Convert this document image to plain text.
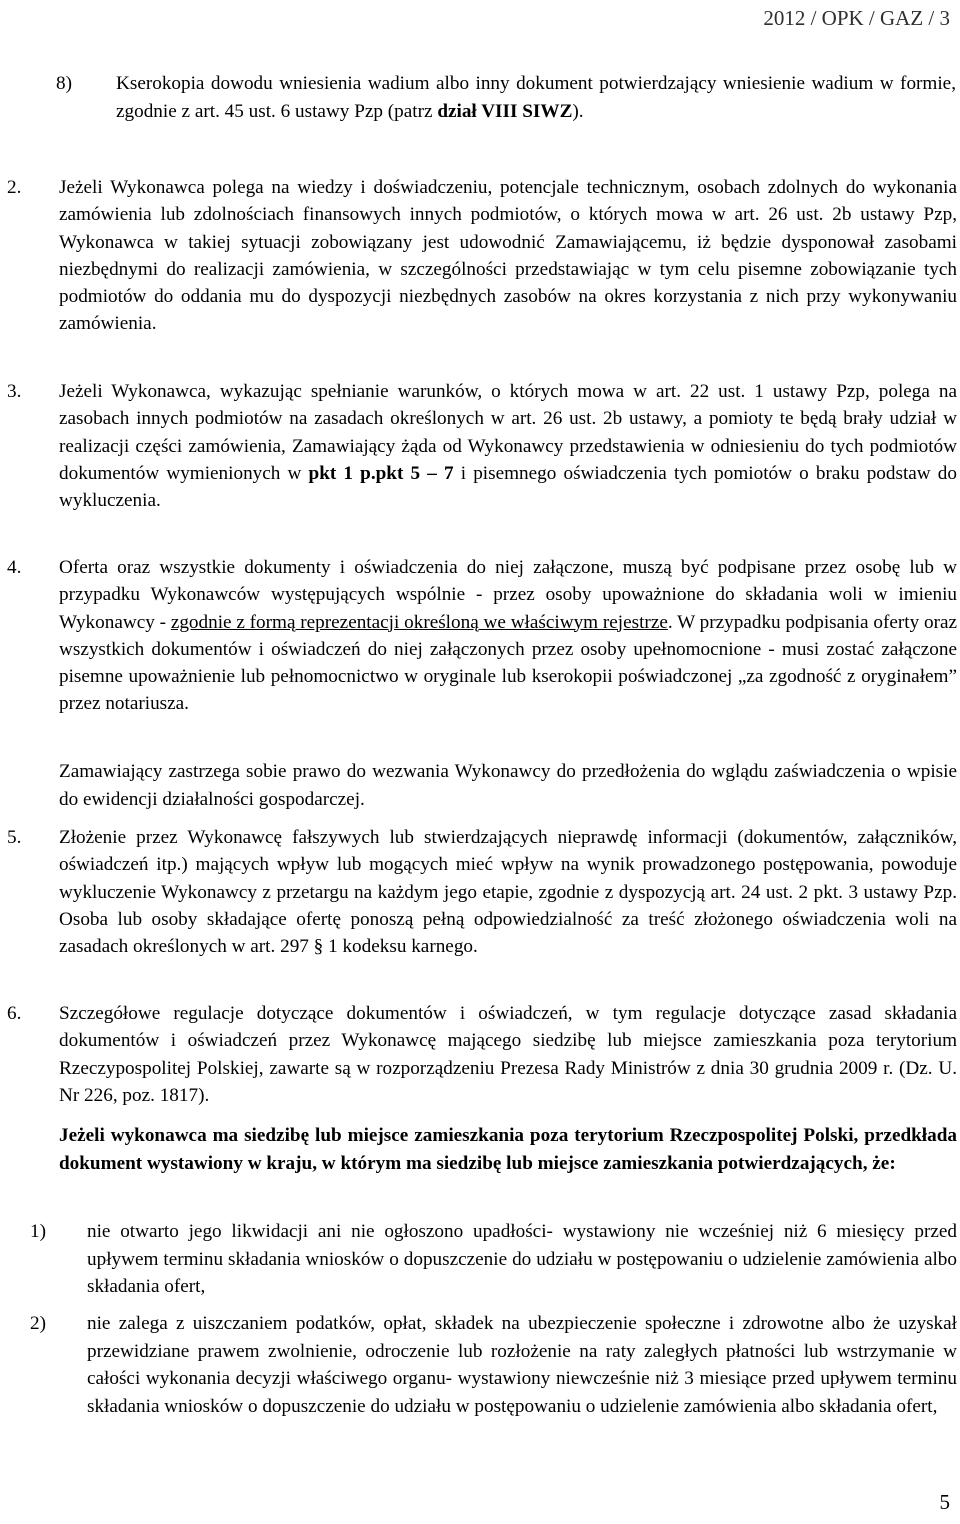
2012 / OPK / GAZ / 3
8)	Kserokopia dowodu wniesienia wadium albo inny dokument potwierdzający wniesienie wadium w formie, zgodnie z art. 45 ust. 6 ustawy Pzp (patrz dział VIII SIWZ).
2.	Jeżeli Wykonawca polega na wiedzy i doświadczeniu, potencjale technicznym, osobach zdolnych do wykonania zamówienia lub zdolnościach finansowych innych podmiotów, o których mowa w art. 26 ust. 2b ustawy Pzp, Wykonawca w takiej sytuacji zobowiązany jest udowodnić Zamawiającemu, iż będzie dysponował zasobami niezbędnymi do realizacji zamówienia, w szczególności przedstawiając w tym celu pisemne zobowiązanie tych podmiotów do oddania mu do dyspozycji niezbędnych zasobów na okres korzystania z nich przy wykonywaniu zamówienia.
3.	Jeżeli Wykonawca, wykazując spełnianie warunków, o których mowa w art. 22 ust. 1 ustawy Pzp, polega na zasobach innych podmiotów na zasadach określonych w art. 26 ust. 2b ustawy, a pomioty te będą brały udział w realizacji części zamówienia, Zamawiający żąda od Wykonawcy przedstawienia w odniesieniu do tych podmiotów dokumentów wymienionych w pkt 1 p.pkt 5 – 7 i pisemnego oświadczenia tych pomiotów o braku podstaw do wykluczenia.
4.	Oferta oraz wszystkie dokumenty i oświadczenia do niej załączone, muszą być podpisane przez osobę lub w przypadku Wykonawców występujących wspólnie - przez osoby upoważnione do składania woli w imieniu Wykonawcy - zgodnie z formą reprezentacji określoną we właściwym rejestrze. W przypadku podpisania oferty oraz wszystkich dokumentów i oświadczeń do niej załączonych przez osoby upełnomocnione - musi zostać załączone pisemne upoważnienie lub pełnomocnictwo w oryginale lub kserokopii poświadczonej „za zgodność z oryginałem” przez notariusza.
Zamawiający zastrzega sobie prawo do wezwania Wykonawcy do przedłożenia do wglądu zaświadczenia o wpisie do ewidencji działalności gospodarczej.
5.	Złożenie przez Wykonawcę fałszywych lub stwierdzających nieprawdę informacji (dokumentów, załączników, oświadczeń itp.) mających wpływ lub mogących mieć wpływ na wynik prowadzonego postępowania, powoduje wykluczenie Wykonawcy z przetargu na każdym jego etapie, zgodnie z dyspozycją art. 24 ust. 2 pkt. 3 ustawy Pzp. Osoba lub osoby składające ofertę ponoszą pełną odpowiedzialność za treść złożonego oświadczenia woli na zasadach określonych w art. 297 § 1 kodeksu karnego.
6.	Szczegółowe regulacje dotyczące dokumentów i oświadczeń, w tym regulacje dotyczące zasad składania dokumentów i oświadczeń przez Wykonawcę mającego siedzibę lub miejsce zamieszkania poza terytorium Rzeczypospolitej Polskiej, zawarte są w rozporządzeniu Prezesa Rady Ministrów z dnia 30 grudnia 2009 r. (Dz. U. Nr 226, poz. 1817).
Jeżeli wykonawca ma siedzibę lub miejsce zamieszkania poza terytorium Rzeczpospolitej Polski, przedkłada dokument wystawiony w kraju, w którym ma siedzibę lub miejsce zamieszkania potwierdzających, że:
1)	nie otwarto jego likwidacji ani nie ogłoszono upadłości- wystawiony nie wcześniej niż 6 miesięcy przed upływem terminu składania wniosków o dopuszczenie do udziału w postępowaniu o udzielenie zamówienia albo składania ofert,
2)	nie zalega z uiszczaniem podatków, opłat, składek na ubezpieczenie społeczne i zdrowotne albo że uzyskał przewidziane prawem zwolnienie, odroczenie lub rozłożenie na raty zaległych płatności lub wstrzymanie w całości wykonania decyzji właściwego organu- wystawiony niewcześnie niż 3 miesiące przed upływem terminu składania wniosków o dopuszczenie do udziału w postępowaniu o udzielenie zamówienia albo składania ofert,
5
